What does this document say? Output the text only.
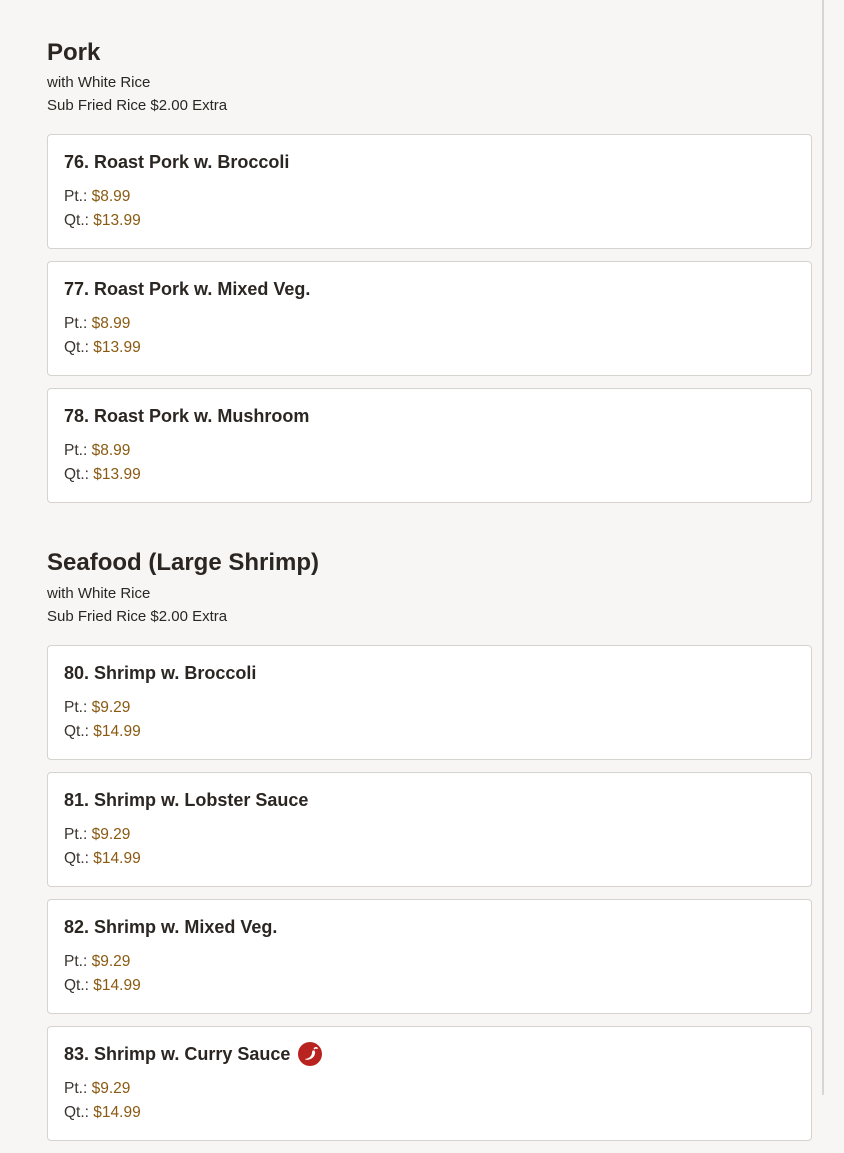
Pork
with White Rice
Sub Fried Rice $2.00 Extra
76. Roast Pork w. Broccoli
Pt.: $8.99
Qt.: $13.99
77. Roast Pork w. Mixed Veg.
Pt.: $8.99
Qt.: $13.99
78. Roast Pork w. Mushroom
Pt.: $8.99
Qt.: $13.99
Seafood (Large Shrimp)
with White Rice
Sub Fried Rice $2.00 Extra
80. Shrimp w. Broccoli
Pt.: $9.29
Qt.: $14.99
81. Shrimp w. Lobster Sauce
Pt.: $9.29
Qt.: $14.99
82. Shrimp w. Mixed Veg.
Pt.: $9.29
Qt.: $14.99
83. Shrimp w. Curry Sauce
Pt.: $9.29
Qt.: $14.99
